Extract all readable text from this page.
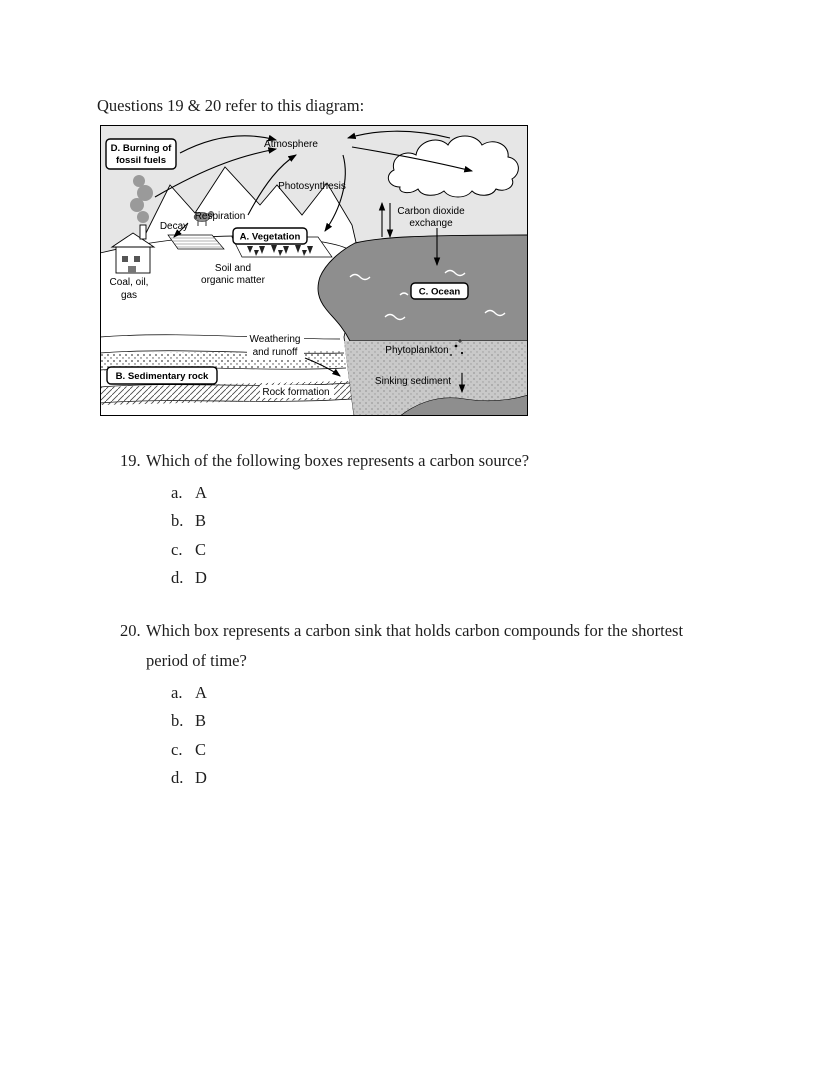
Questions 19 & 20 refer to this diagram:

D. Burning of
fossil fuels
A. Vegetation
C. Ocean
B. Sedimentary rock
Atmosphere
Photosynthesis
Carbon dioxide
exchange
Respiration
Decay
Coal, oil,
gas
Soil and
organic matter
Weathering
and runoff	Phytoplankton
Sinking sediment
Rock formation
19. Which of the following boxes represents a carbon source?
a. A
b. B
c. C
d. D
20. Which box represents a carbon sink that holds carbon compounds for the shortest period of time?
a. A
b. B
c. C
d. D
